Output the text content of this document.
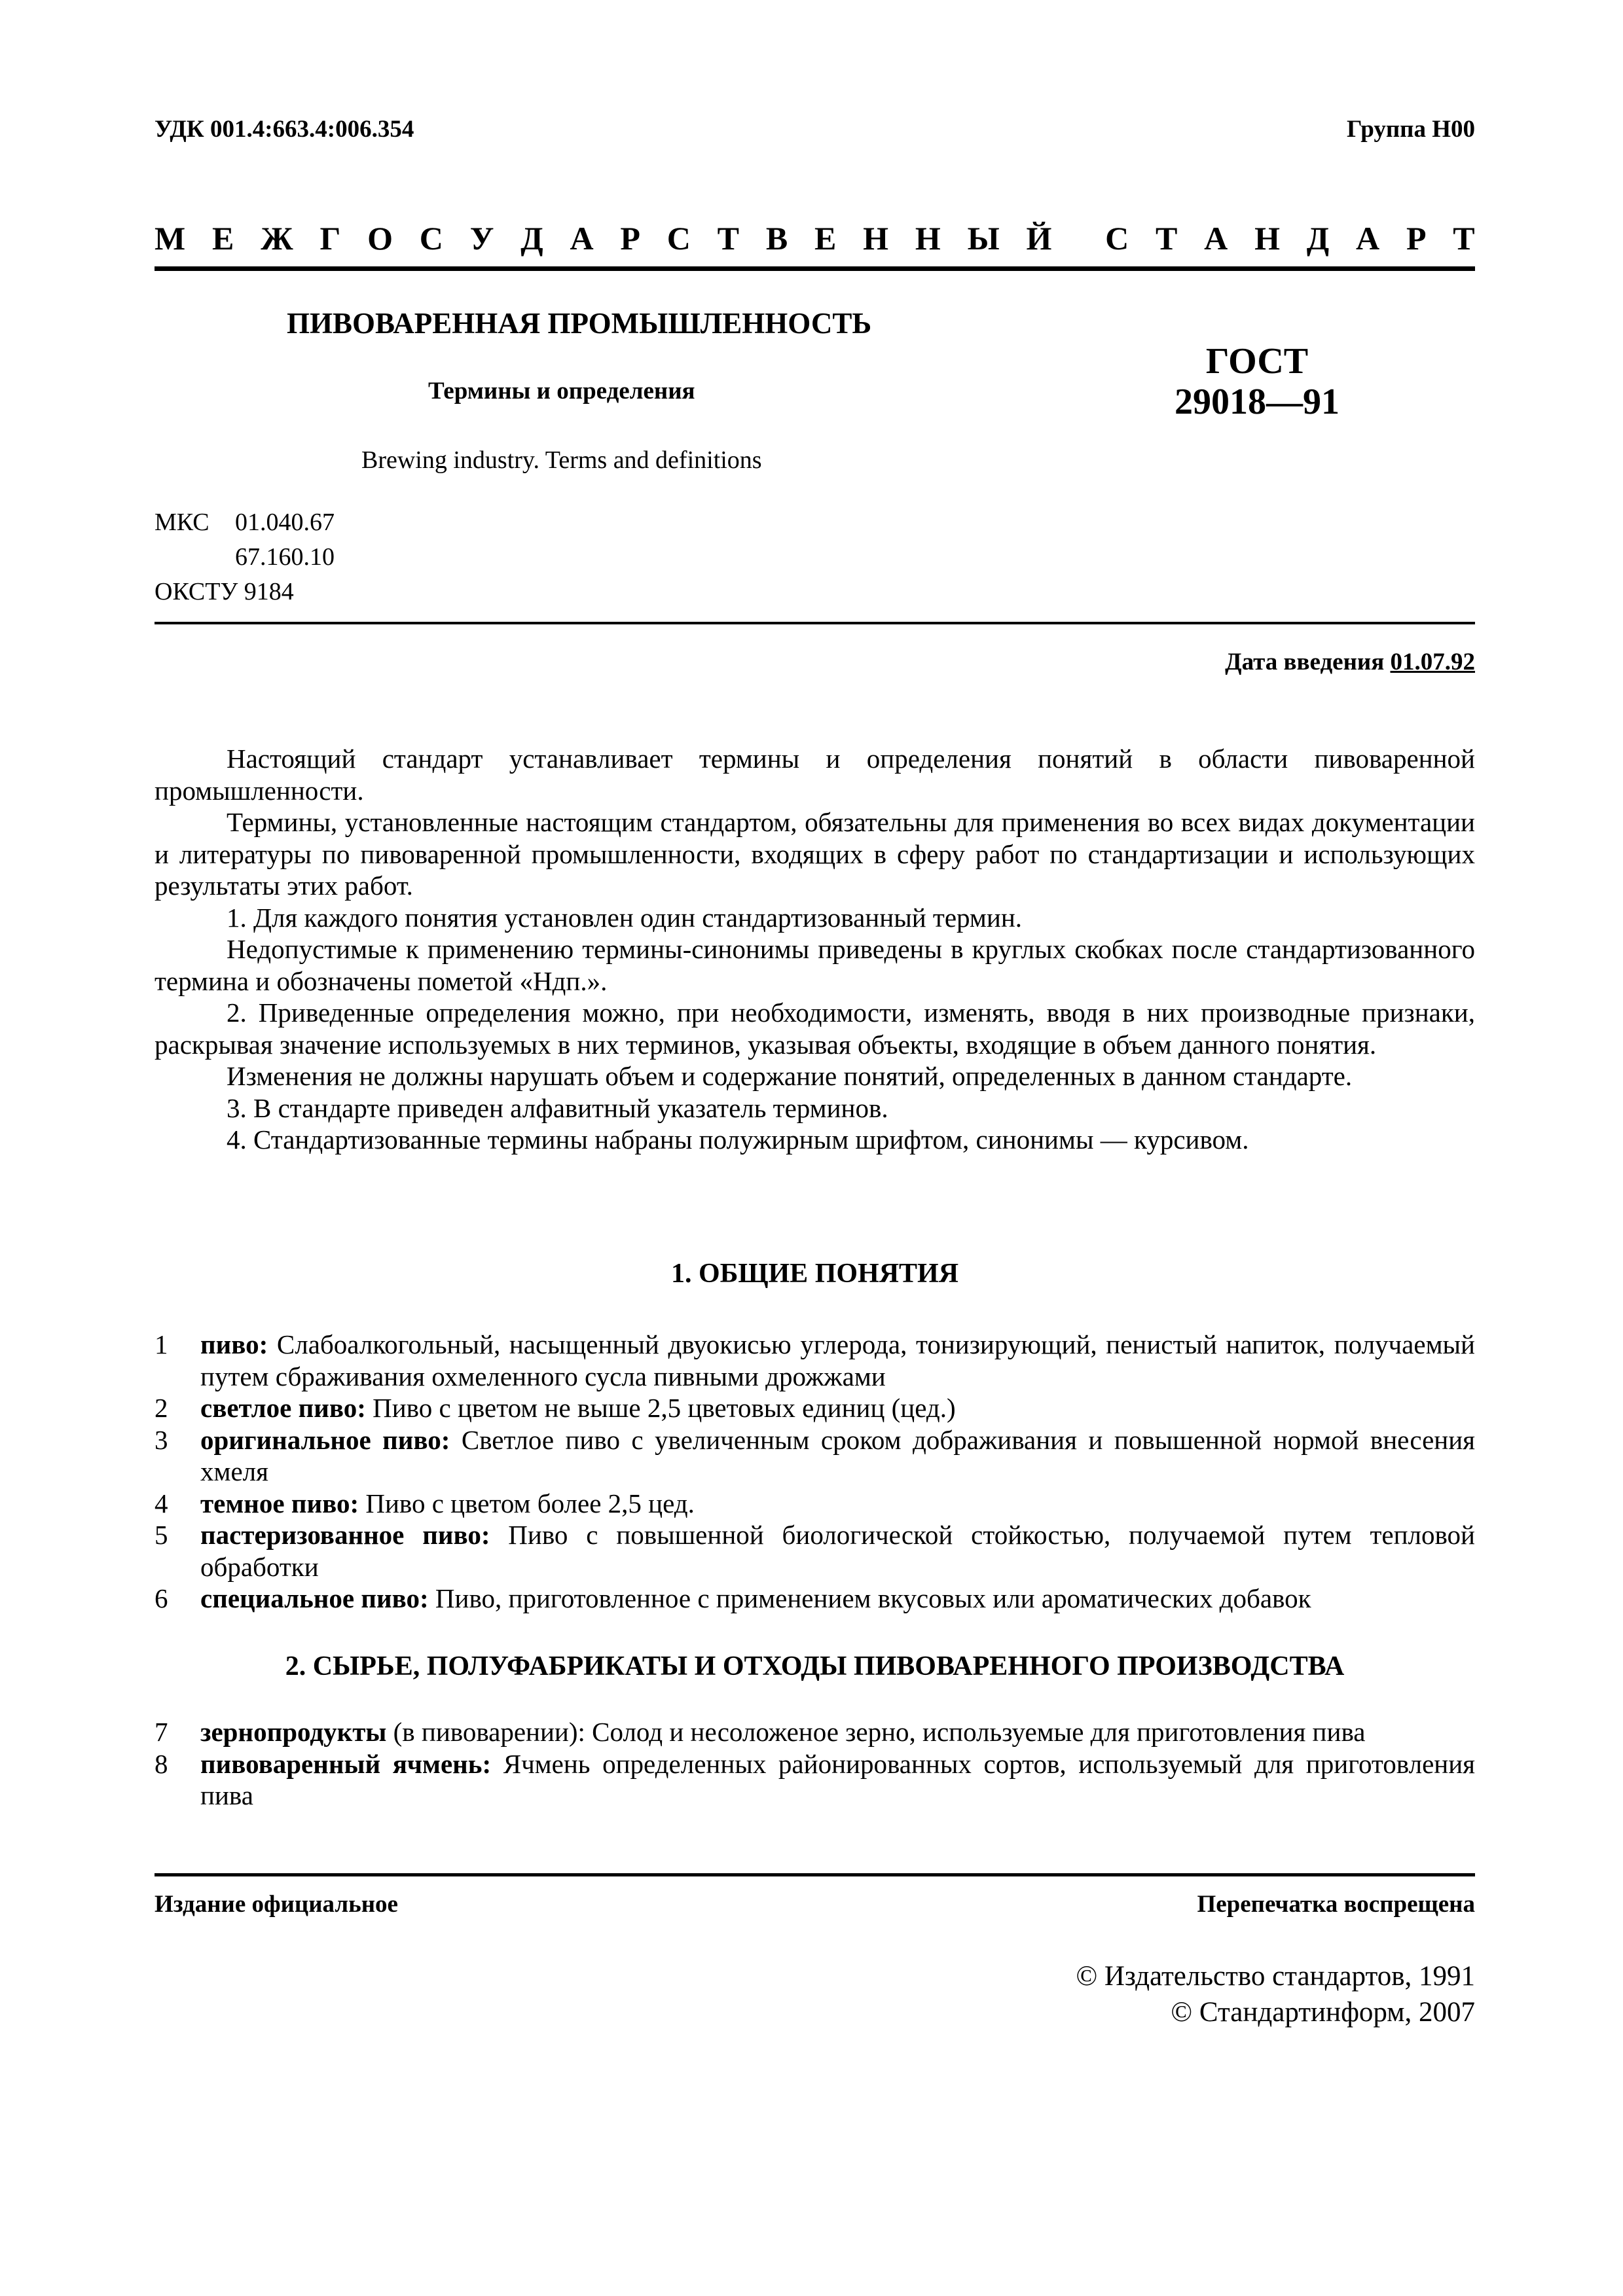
УДК 001.4:663.4:006.354	Группа Н00
М Е Ж Г О С У Д А Р С Т В Е Н Н Ы Й С Т А Н Д А Р Т
ПИВОВАРЕННАЯ ПРОМЫШЛЕННОСТЬ
Термины и определения
Brewing industry. Terms and definitions
ГОСТ
29018—91
МКС	01.040.67
67.160.10
ОКСТУ 9184
Дата введения 01.07.92

Настоящий стандарт устанавливает термины и определения понятий в области пивоваренной промышленности.

Термины, установленные настоящим стандартом, обязательны для применения во всех видах документации и литературы по пивоваренной промышленности, входящих в сферу работ по стандартизации и использующих результаты этих работ.

1. Для каждого понятия установлен один стандартизованный термин.

Недопустимые к применению термины-синонимы приведены в круглых скобках после стандартизованного термина и обозначены пометой «Ндп.».

2. Приведенные определения можно, при необходимости, изменять, вводя в них производные признаки, раскрывая значение используемых в них терминов, указывая объекты, входящие в объем данного понятия.

Изменения не должны нарушать объем и содержание понятий, определенных в данном стандарте.

3. В стандарте приведен алфавитный указатель терминов.

4. Стандартизованные термины набраны полужирным шрифтом, синонимы — курсивом.

1. ОБЩИЕ ПОНЯТИЯ
1	пиво: Слабоалкогольный, насыщенный двуокисью углерода, тонизирующий, пенистый напиток, получаемый путем сбраживания охмеленного сусла пивными дрожжами
2	светлое пиво: Пиво с цветом не выше 2,5 цветовых единиц (цед.)
3	оригинальное пиво: Светлое пиво с увеличенным сроком дображивания и повышенной нормой внесения хмеля
4	темное пиво: Пиво с цветом более 2,5 цед.
5	пастеризованное пиво: Пиво с повышенной биологической стойкостью, получаемой путем тепловой обработки
6	специальное пиво: Пиво, приготовленное с применением вкусовых или ароматических добавок
2. СЫРЬЕ, ПОЛУФАБРИКАТЫ И ОТХОДЫ ПИВОВАРЕННОГО ПРОИЗВОДСТВА
7	зернопродукты (в пивоварении): Солод и несоложеное зерно, используемые для приготовления пива
8	пивоваренный ячмень: Ячмень определенных районированных сортов, используемый для приготовления пива
Издание официальное	Перепечатка воспрещена
© Издательство стандартов, 1991
© Стандартинформ, 2007
